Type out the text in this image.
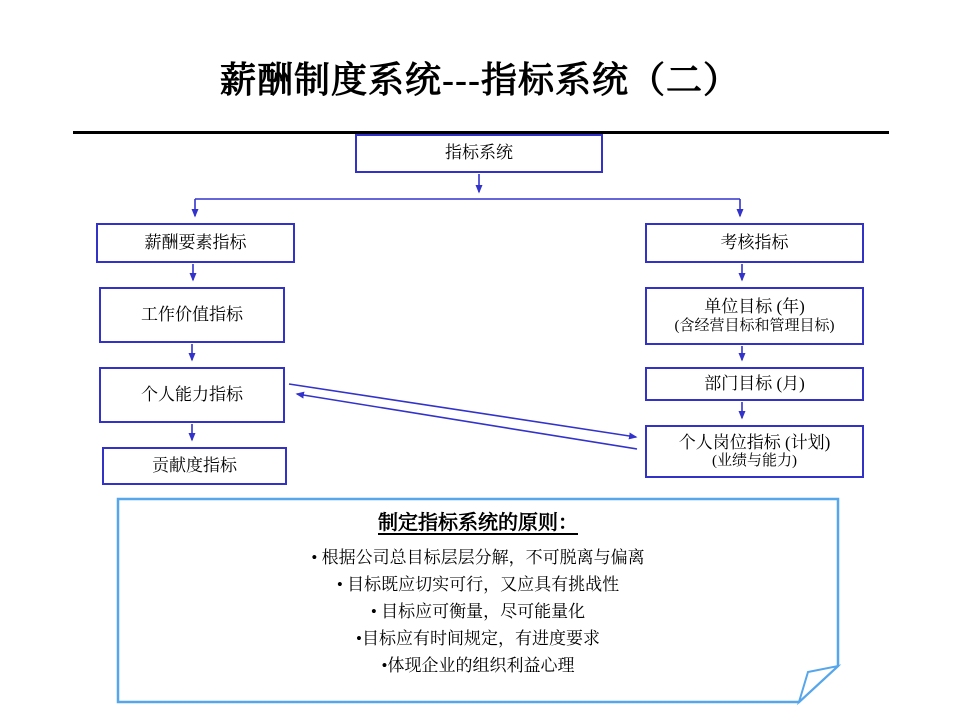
薪酬制度系统---指标系统（二）
指标系统
薪酬要素指标
工作价值指标
个人能力指标
贡献度指标
考核指标
单位目标 (年)
(含经营目标和管理目标)
部门目标 (月)
个人岗位指标 (计划)
(业绩与能力)
制定指标系统的原则：
• 根据公司总目标层层分解，不可脱离与偏离
• 目标既应切实可行，又应具有挑战性
• 目标应可衡量，尽可能量化
•目标应有时间规定，有进度要求
•体现企业的组织利益心理
